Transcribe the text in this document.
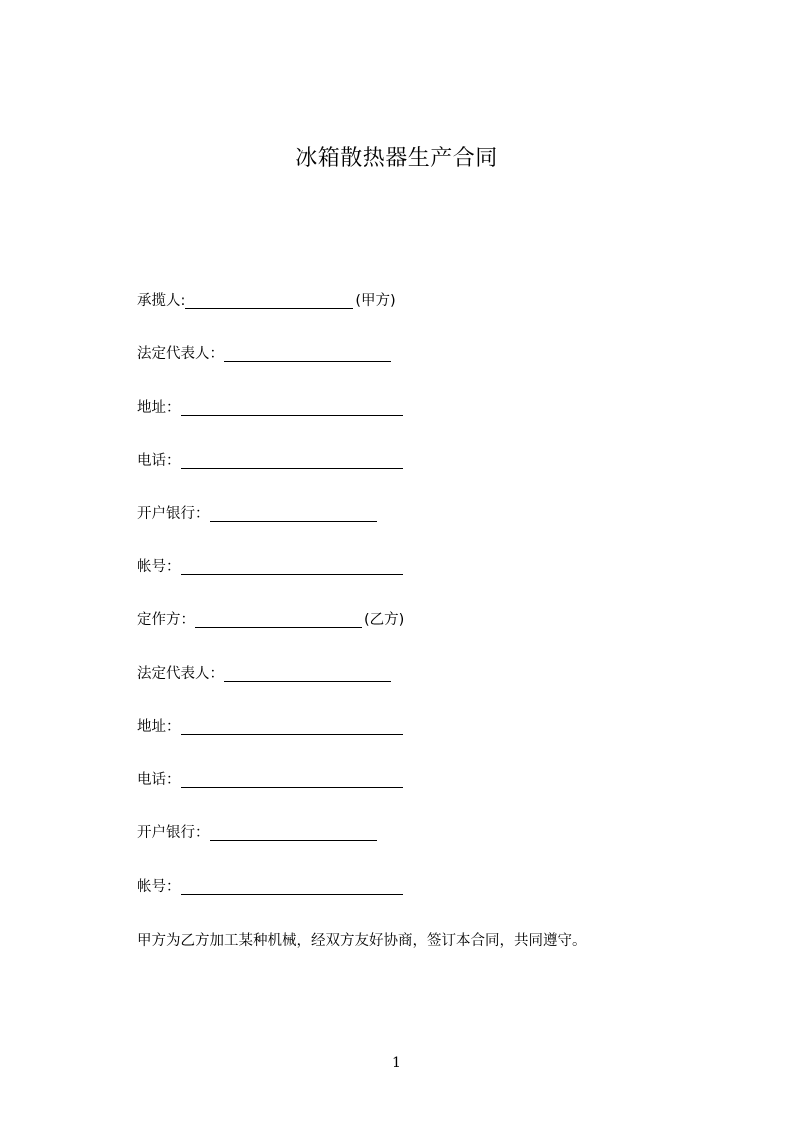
冰箱散热器生产合同
承揽人:	(甲方)
法定代表人：
地址：
电话：
开户银行：
帐号：
定作方：	(乙方)
法定代表人：
地址：
电话：
开户银行：
帐号：
甲方为乙方加工某种机械，经双方友好协商，签订本合同，共同遵守。
1
